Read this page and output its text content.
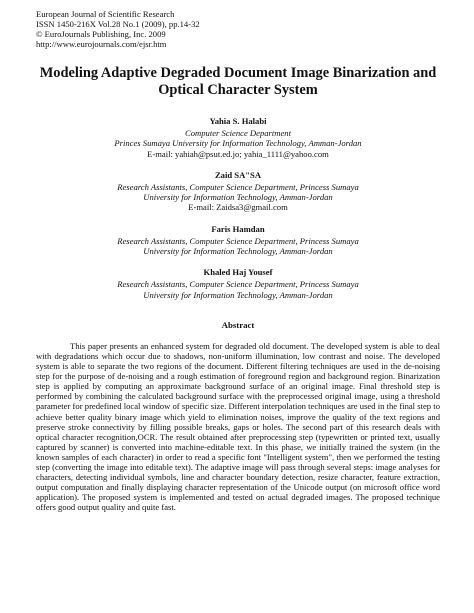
European Journal of Scientific Research
ISSN 1450-216X Vol.28 No.1 (2009), pp.14-32
© EuroJournals Publishing, Inc. 2009
http://www.eurojournals.com/ejsr.htm
Modeling Adaptive Degraded Document Image Binarization and
Optical Character System
Yahia S. Halabi
Computer Science Department
Princes Sumaya University for Information Technology, Amman-Jordan
E-mail: yahiah@psut.ed.jo; yahia_1111@yahoo.com
Zaid SA"SA
Research Assistants, Computer Science Department, Princess Sumaya
University for Information Technology, Amman-Jordan
E-mail: Zaidsa3@gmail.com
Faris Hamdan
Research Assistants, Computer Science Department, Princess Sumaya
University for Information Technology, Amman-Jordan
Khaled Haj Yousef
Research Assistants, Computer Science Department, Princess Sumaya
University for Information Technology, Amman-Jordan
Abstract

This paper presents an enhanced system for degraded old document. The developed system is able to deal with degradations which occur due to shadows, non-uniform illumination, low contrast and noise. The developed system is able to separate the two regions of the document. Different filtering techniques are used in the de-noising step for the purpose of de-noising and a rough estimation of foreground region and background region. Binarization step is applied by computing an approximate background surface of an original image. Final threshold step is performed by combining the calculated background surface with the preprocessed original image, using a threshold parameter for predefined local window of specific size. Different interpolation techniques are used in the final step to achieve better quality binary image which yield to elimination noises, improve the quality of the text regions and preserve stroke connectivity by filling possible breaks, gaps or holes. The second part of this research deals with optical character recognition,OCR. The result obtained after preprocessing step (typewritten or printed text, usually captured by scanner) is converted into machine-editable text. In this phase, we initially trained the system (in the known samples of each character) in order to read a specific font "Intelligent system", then we performed the testing step (converting the image into editable text). The adaptive image will pass through several steps: image analyses for characters, detecting individual symbols, line and character boundary detection, resize character, feature extraction, output computation and finally displaying character representation of the Unicode output (on microsoft office word application). The proposed system is implemented and tested on actual degraded images. The proposed technique offers good output quality and quite fast.
